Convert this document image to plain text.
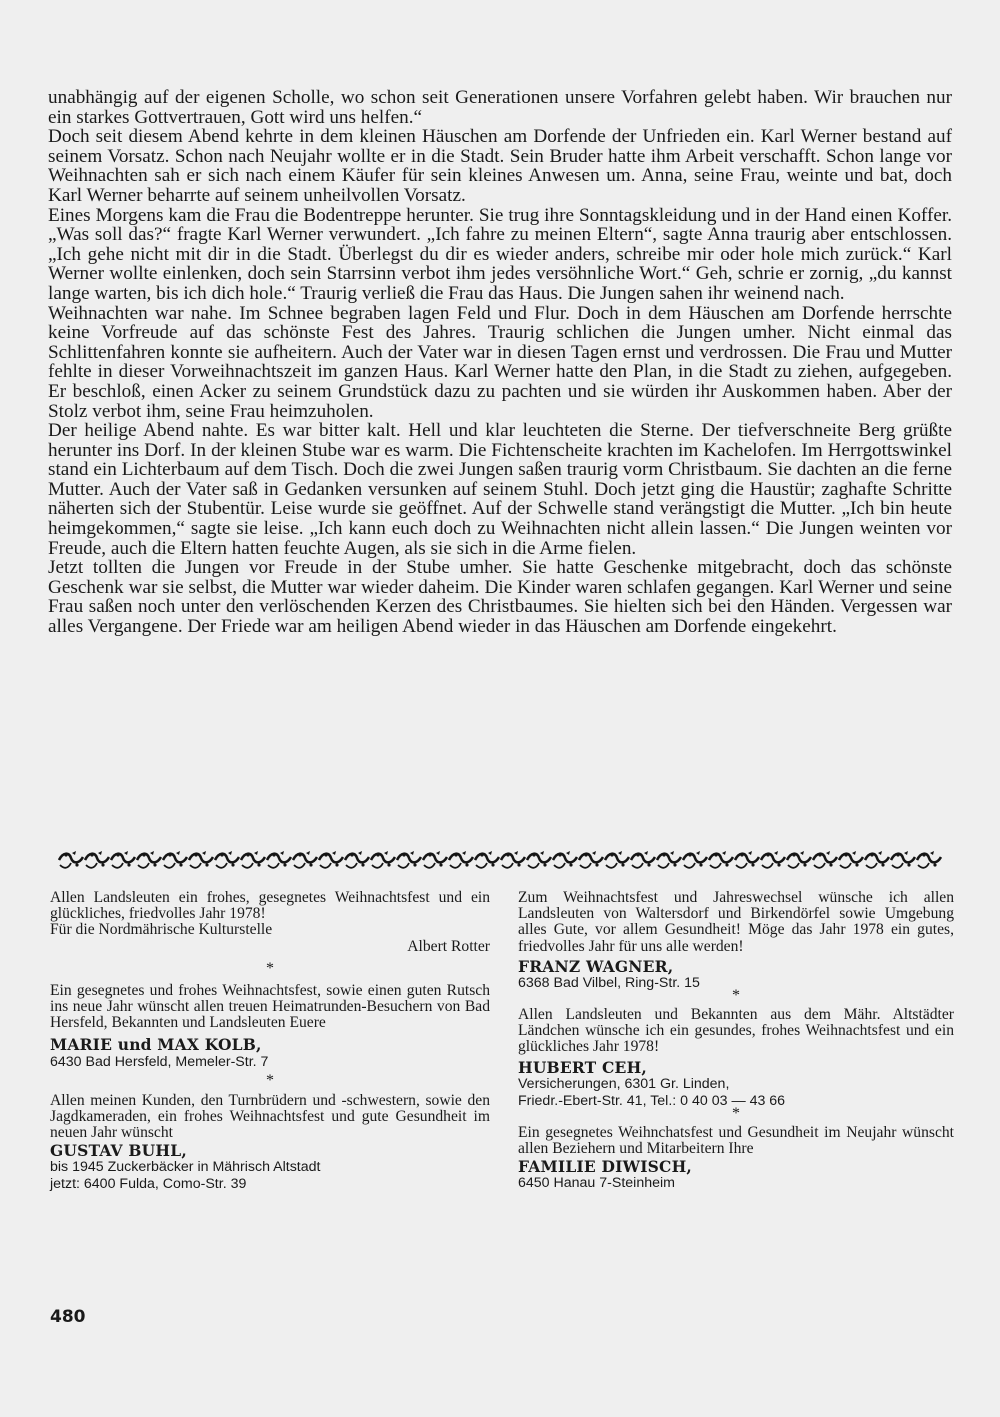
unabhängig auf der eigenen Scholle, wo schon seit Generationen unsere Vorfahren gelebt haben. Wir brauchen nur ein starkes Gottvertrauen, Gott wird uns helfen.“

Doch seit diesem Abend kehrte in dem kleinen Häuschen am Dorfende der Unfrieden ein. Karl Werner bestand auf seinem Vorsatz. Schon nach Neujahr wollte er in die Stadt. Sein Bruder hatte ihm Arbeit verschafft. Schon lange vor Weihnachten sah er sich nach einem Käufer für sein kleines Anwesen um. Anna, seine Frau, weinte und bat, doch Karl Werner beharrte auf seinem unheilvollen Vorsatz.

Eines Morgens kam die Frau die Bodentreppe herunter. Sie trug ihre Sonntagskleidung und in der Hand einen Koffer. „Was soll das?“ fragte Karl Werner verwundert. „Ich fahre zu meinen Eltern“, sagte Anna traurig aber entschlossen. „Ich gehe nicht mit dir in die Stadt. Überlegst du dir es wieder anders, schreibe mir oder hole mich zurück.“ Karl Werner wollte einlenken, doch sein Starrsinn verbot ihm jedes versöhnliche Wort.“ Geh, schrie er zornig, „du kannst lange warten, bis ich dich hole.“ Traurig verließ die Frau das Haus. Die Jungen sahen ihr weinend nach.

Weihnachten war nahe. Im Schnee begraben lagen Feld und Flur. Doch in dem Häuschen am Dorfende herrschte keine Vorfreude auf das schönste Fest des Jahres. Traurig schlichen die Jungen umher. Nicht einmal das Schlittenfahren konnte sie aufheitern. Auch der Vater war in diesen Tagen ernst und verdrossen. Die Frau und Mutter fehlte in dieser Vorweihnachtszeit im ganzen Haus. Karl Werner hatte den Plan, in die Stadt zu ziehen, aufgegeben. Er beschloß, einen Acker zu seinem Grundstück dazu zu pachten und sie würden ihr Auskommen haben. Aber der Stolz verbot ihm, seine Frau heimzuholen.

Der heilige Abend nahte. Es war bitter kalt. Hell und klar leuchteten die Sterne. Der tiefverschneite Berg grüßte herunter ins Dorf. In der kleinen Stube war es warm. Die Fichtenscheite krachten im Kachelofen. Im Herrgottswinkel stand ein Lichterbaum auf dem Tisch. Doch die zwei Jungen saßen traurig vorm Christbaum. Sie dachten an die ferne Mutter. Auch der Vater saß in Gedanken versunken auf seinem Stuhl. Doch jetzt ging die Haustür; zaghafte Schritte näherten sich der Stubentür. Leise wurde sie geöffnet. Auf der Schwelle stand verängstigt die Mutter. „Ich bin heute heimgekommen,“ sagte sie leise. „Ich kann euch doch zu Weihnachten nicht allein lassen.“ Die Jungen weinten vor Freude, auch die Eltern hatten feuchte Augen, als sie sich in die Arme fielen.

Jetzt tollten die Jungen vor Freude in der Stube umher. Sie hatte Geschenke mitgebracht, doch das schönste Geschenk war sie selbst, die Mutter war wieder daheim. Die Kinder waren schlafen gegangen. Karl Werner und seine Frau saßen noch unter den verlöschenden Kerzen des Christbaumes. Sie hielten sich bei den Händen. Vergessen war alles Vergangene. Der Friede war am heiligen Abend wieder in das Häuschen am Dorfende eingekehrt.

Allen Landsleuten ein frohes, gesegnetes Weihnachtsfest und ein glückliches, friedvolles Jahr 1978!

Für die Nordmährische Kulturstelle

Albert Rotter

*

Ein gesegnetes und frohes Weihnachtsfest, sowie einen guten Rutsch ins neue Jahr wünscht allen treuen Heimatrunden-Besuchern von Bad Hersfeld, Bekannten und Landsleuten Euere

MARIE und MAX KOLB,
6430 Bad Hersfeld, Memeler-Str. 7
*

Allen meinen Kunden, den Turnbrüdern und -schwestern, sowie den Jagdkameraden, ein frohes Weihnachtsfest und gute Gesundheit im neuen Jahr wünscht

GUSTAV BUHL,
bis 1945 Zuckerbäcker in Mährisch Altstadt
jetzt: 6400 Fulda, Como-Str. 39

Zum Weihnachtsfest und Jahreswechsel wünsche ich allen Landsleuten von Waltersdorf und Birkendörfel sowie Umgebung alles Gute, vor allem Gesundheit! Möge das Jahr 1978 ein gutes, friedvolles Jahr für uns alle werden!

FRANZ WAGNER,
6368 Bad Vilbel, Ring-Str. 15
*

Allen Landsleuten und Bekannten aus dem Mähr. Altstädter Ländchen wünsche ich ein gesundes, frohes Weihnachtsfest und ein glückliches Jahr 1978!

HUBERT CEH,
Versicherungen, 6301 Gr. Linden,
Friedr.-Ebert-Str. 41, Tel.: 0 40 03 — 43 66
*

Ein gesegnetes Weihnchatsfest und Gesundheit im Neujahr wünscht allen Beziehern und Mitarbeitern Ihre

FAMILIE DIWISCH,
6450 Hanau 7-Steinheim
480
